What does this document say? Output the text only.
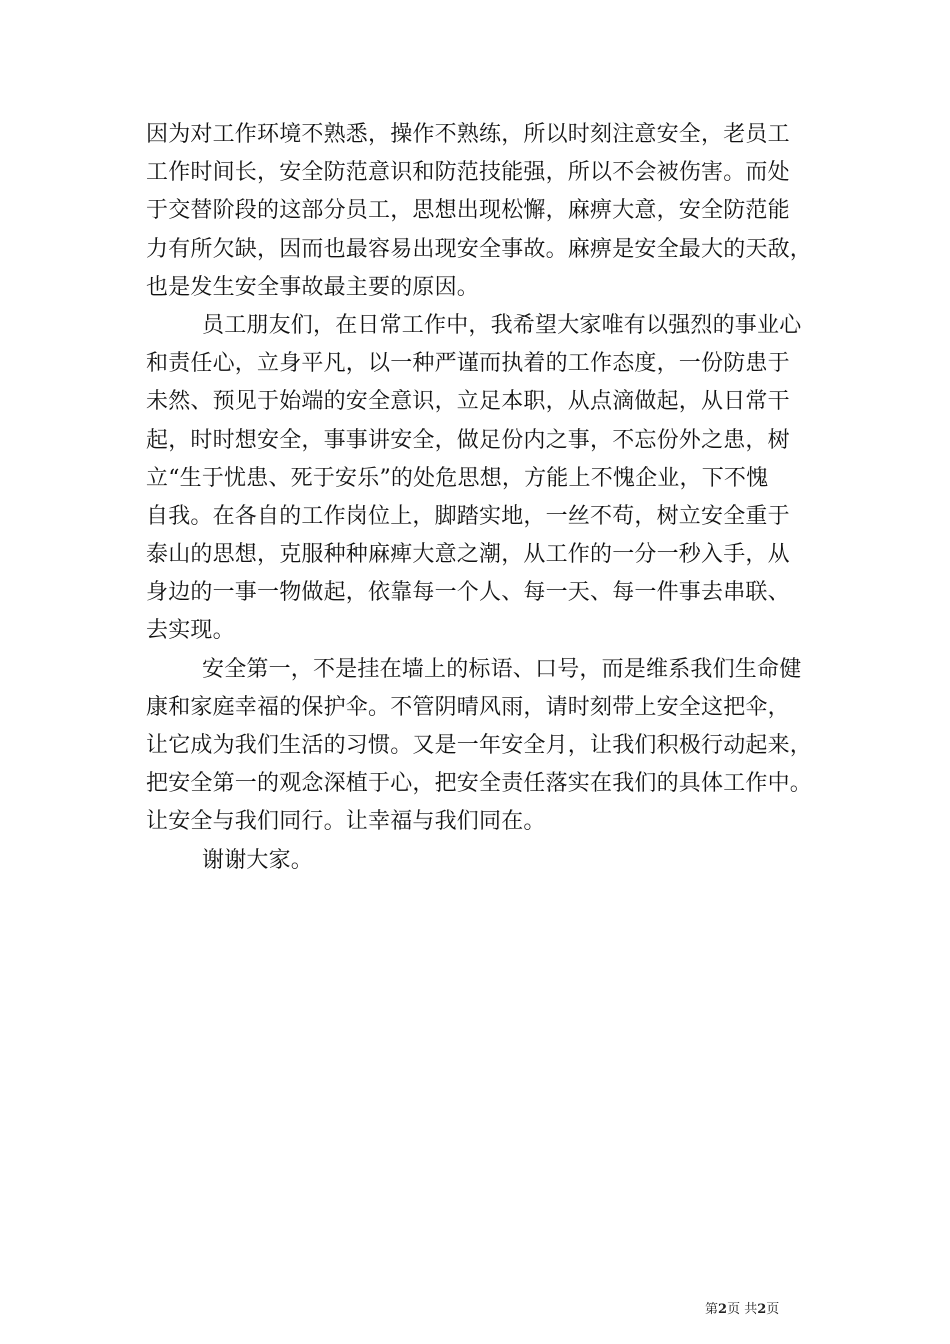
因为对工作环境不熟悉，操作不熟练，所以时刻注意安全，老员工
工作时间长，安全防范意识和防范技能强，所以不会被伤害。而处
于交替阶段的这部分员工，思想出现松懈，麻痹大意，安全防范能
力有所欠缺，因而也最容易出现安全事故。麻痹是安全最大的天敌，
也是发生安全事故最主要的原因。
员工朋友们，在日常工作中，我希望大家唯有以强烈的事业心
和责任心，立身平凡，以一种严谨而执着的工作态度，一份防患于
未然、预见于始端的安全意识，立足本职，从点滴做起，从日常干
起，时时想安全，事事讲安全，做足份内之事，不忘份外之患，树
立“生于忧患、死于安乐”的处危思想，方能上不愧企业，下不愧
自我。在各自的工作岗位上，脚踏实地，一丝不苟，树立安全重于
泰山的思想，克服种种麻痺大意之潮，从工作的一分一秒入手，从
身边的一事一物做起，依靠每一个人、每一天、每一件事去串联、
去实现。
安全第一，不是挂在墙上的标语、口号，而是维系我们生命健
康和家庭幸福的保护伞。不管阴晴风雨，请时刻带上安全这把伞，
让它成为我们生活的习惯。又是一年安全月，让我们积极行动起来，
把安全第一的观念深植于心，把安全责任落实在我们的具体工作中。
让安全与我们同行。让幸福与我们同在。
谢谢大家。
第2页 共2页
